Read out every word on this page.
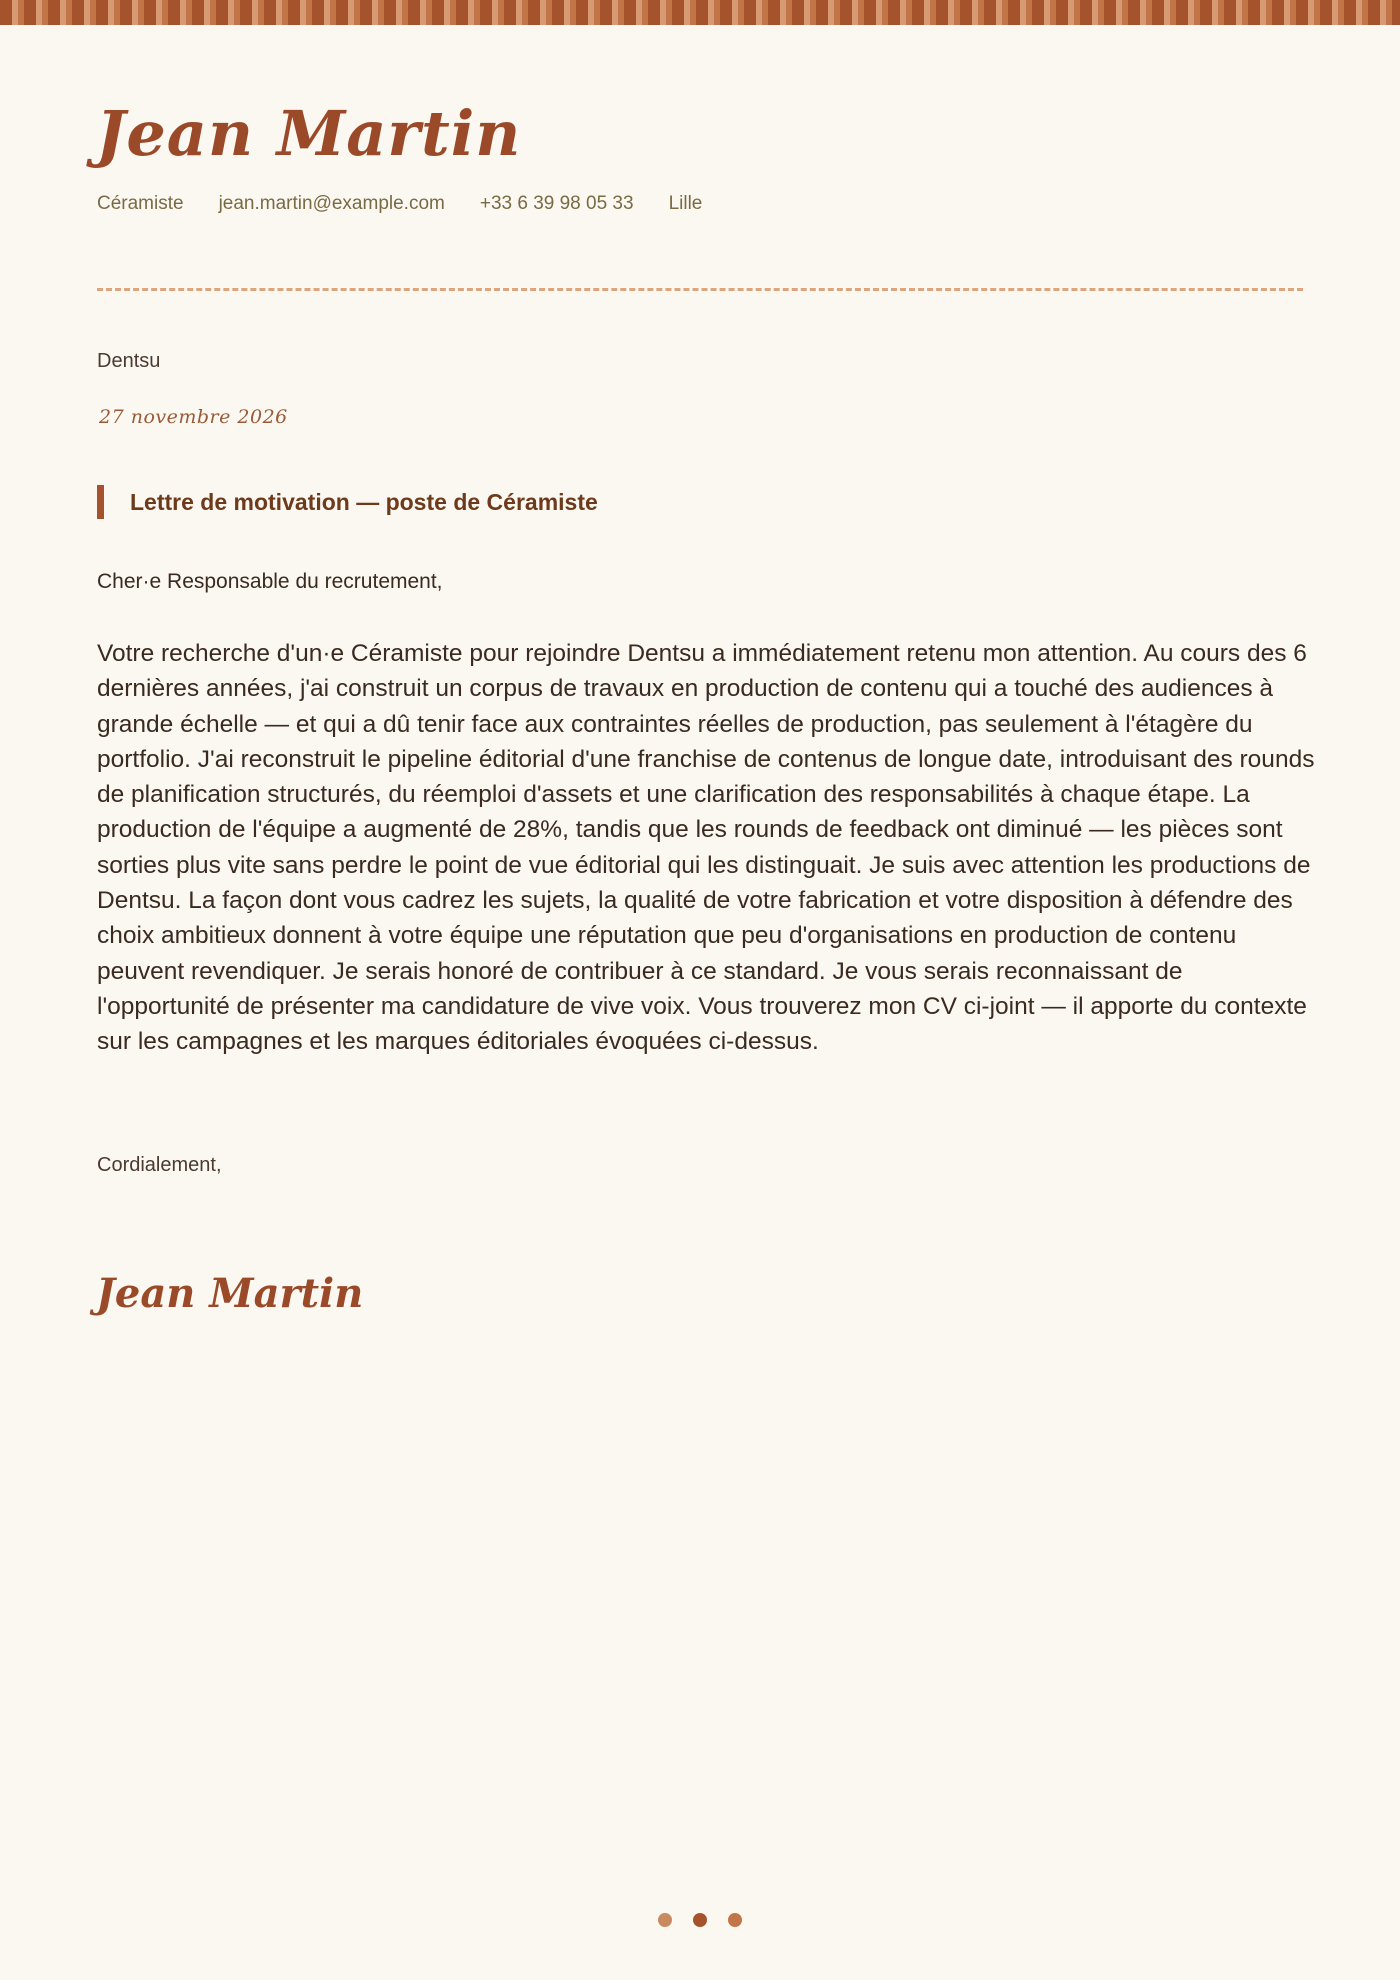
Jean Martin
Céramiste jean.martin@example.com +33 6 39 98 05 33 Lille
Dentsu
27 novembre 2026
Lettre de motivation — poste de Céramiste
Cher·e Responsable du recrutement,

Votre recherche d'un·e Céramiste pour rejoindre Dentsu a immédiatement retenu mon attention. Au cours des 6 dernières années, j'ai construit un corpus de travaux en production de contenu qui a touché des audiences à grande échelle — et qui a dû tenir face aux contraintes réelles de production, pas seulement à l'étagère du portfolio. J'ai reconstruit le pipeline éditorial d'une franchise de contenus de longue date, introduisant des rounds de planification structurés, du réemploi d'assets et une clarification des responsabilités à chaque étape. La production de l'équipe a augmenté de 28%, tandis que les rounds de feedback ont diminué — les pièces sont sorties plus vite sans perdre le point de vue éditorial qui les distinguait. Je suis avec attention les productions de Dentsu. La façon dont vous cadrez les sujets, la qualité de votre fabrication et votre disposition à défendre des choix ambitieux donnent à votre équipe une réputation que peu d'organisations en production de contenu peuvent revendiquer. Je serais honoré de contribuer à ce standard. Je vous serais reconnaissant de l'opportunité de présenter ma candidature de vive voix. Vous trouverez mon CV ci-joint — il apporte du contexte sur les campagnes et les marques éditoriales évoquées ci-dessus.

Cordialement,
Jean Martin
